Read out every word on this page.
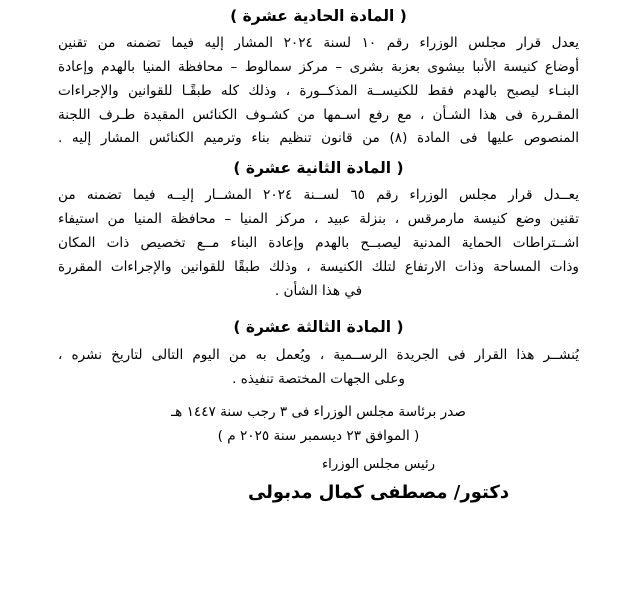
( المادة الحادية عشرة )
يعدل قرار مجلس الوزراء رقم ١٠ لسنة ٢٠٢٤ المشار إليه فيما تضمنه من تقنين
أوضاع كنيسة الأنبا بيشوى بعزبة بشرى – مركز سمالوط – محافظة المنيا بالهدم وإعادة
البنـاء ليصبح بالهدم فقط للكنيســة المذكــورة ، وذلك كله طبقًـا للقوانين والإجراءات
المقـررة فى هذا الشـأن ، مع رفع اسـمها من كشـوف الكنائس المقيدة طـرف اللجنة
المنصوص عليها فى المادة (٨) من قانون تنظيم بناء وترميم الكنائس المشار إليه .
( المادة الثانية عشرة )
يعــدل قرار مجلس الوزراء رقم ٦٥ لســنة ٢٠٢٤ المشــار إليــه فيما تضمنه من
تقنين وضع كنيسة مارمرقس ، بنزلة عبيد ، مركز المنيا – محافظة المنيا من استيفاء
اشــتراطات الحماية المدنية ليصبــح بالهدم وإعادة البناء مــع تخصيص ذات المكان
وذات المساحة وذات الارتفاع لتلك الكنيسة ، وذلك طبقًا للقوانين والإجراءات المقررة
في هذا الشأن .
( المادة الثالثة عشرة )
يُنشــر هذا القرار فى الجريدة الرســمية ، ويُعمل به من اليوم التالى لتاريخ نشره ،
وعلى الجهات المختصة تنفيذه .
صدر برئاسة مجلس الوزراء فى ٣ رجب سنة ١٤٤٧ هـ
( الموافق ٢٣ ديسمبر سنة ٢٠٢٥ م )
رئيس مجلس الوزراء
دكتور/ مصطفى كمال مدبولى
